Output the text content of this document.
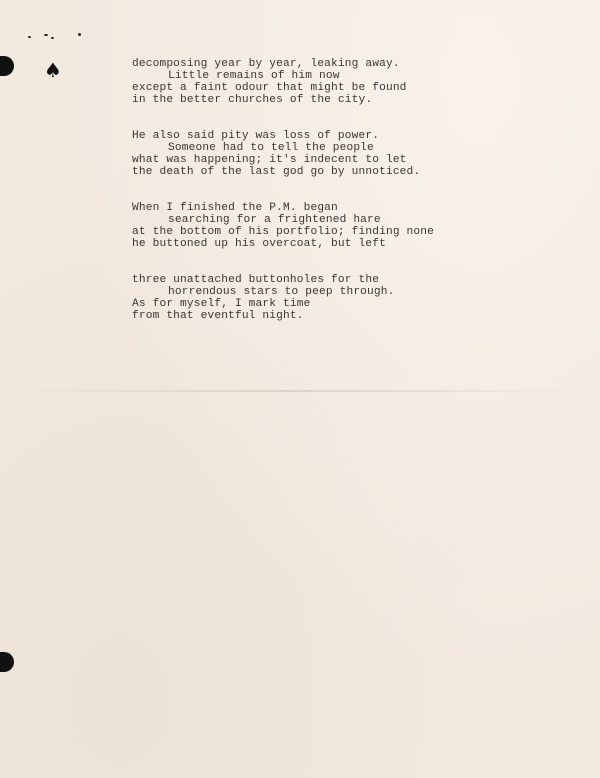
♠	decomposing year by year, leaking away.
Little remains of him now
except a faint odour that might be found
in the better churches of the city.
He also said pity was loss of power.
Someone had to tell the people
what was happening; it's indecent to let
the death of the last god go by unnoticed.
When I finished the P.M. began
searching for a frightened hare
at the bottom of his portfolio; finding none
he buttoned up his overcoat, but left
three unattached buttonholes for the
horrendous stars to peep through.
As for myself, I mark time
from that eventful night.
